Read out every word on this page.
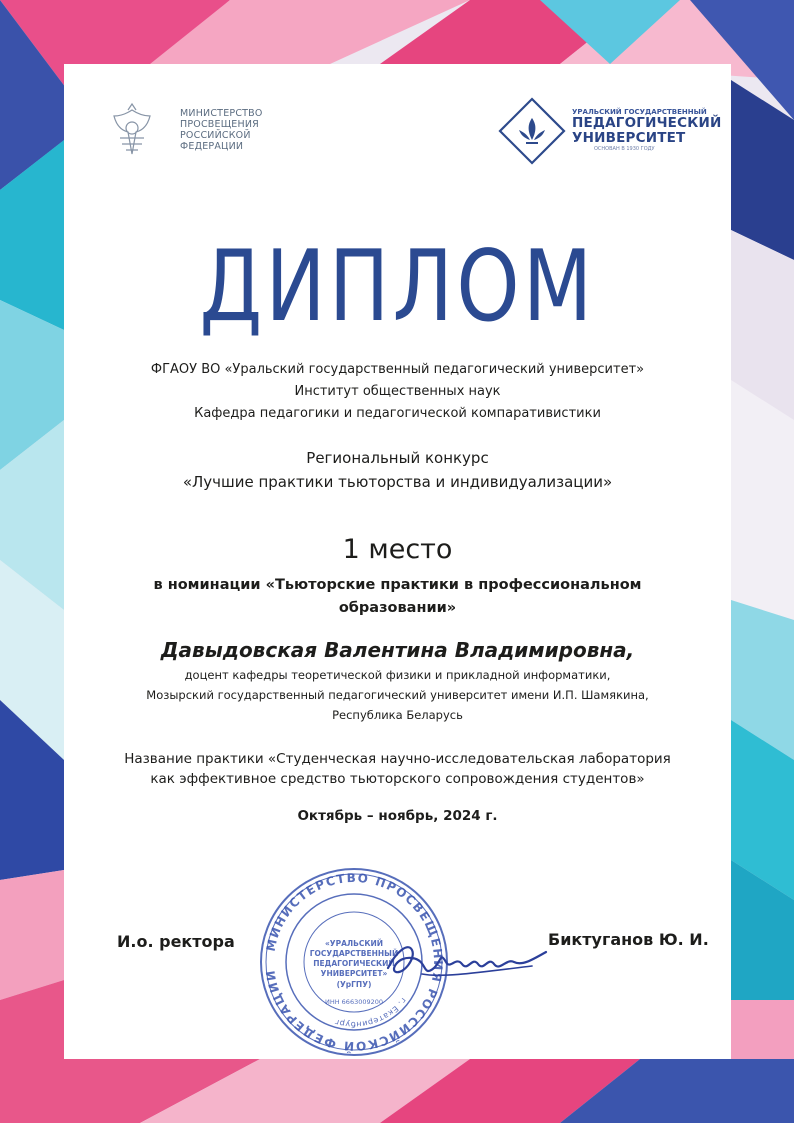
МИНИСТЕРСТВО
ПРОСВЕЩЕНИЯ
РОССИЙСКОЙ
ФЕДЕРАЦИИ
УРАЛЬСКИЙ ГОСУДАРСТВЕННЫЙ
ПЕДАГОГИЧЕСКИЙ
УНИВЕРСИТЕТ
ОСНОВАН В 1930 ГОДУ
ДИПЛОМ
ФГАОУ ВО «Уральский государственный педагогический университет»
Институт общественных наук
Кафедра педагогики и педагогической компаративистики
Региональный конкурс
«Лучшие практики тьюторства и индивидуализации»
1 место
в номинации «Тьюторские практики в профессиональном
образовании»
Давыдовская Валентина Владимировна,
доцент кафедры теоретической физики и прикладной информатики,
Мозырский государственный педагогический университет имени И.П. Шамякина,
Республика Беларусь
Название практики «Студенческая научно-исследовательская лаборатория
как эффективное средство тьюторского сопровождения студентов»
Октябрь – ноябрь, 2024 г.
И.о. ректора	Биктуганов Ю. И.
МИНИСТЕРСТВО ПРОСВЕЩЕНИЯ РОССИЙСКОЙ ФЕДЕРАЦИИ
г. Екатеринбург
«УРАЛЬСКИЙ
ГОСУДАРСТВЕННЫЙ
ПЕДАГОГИЧЕСКИЙ
УНИВЕРСИТЕТ»
(УрГПУ)
ИНН 6663009200
